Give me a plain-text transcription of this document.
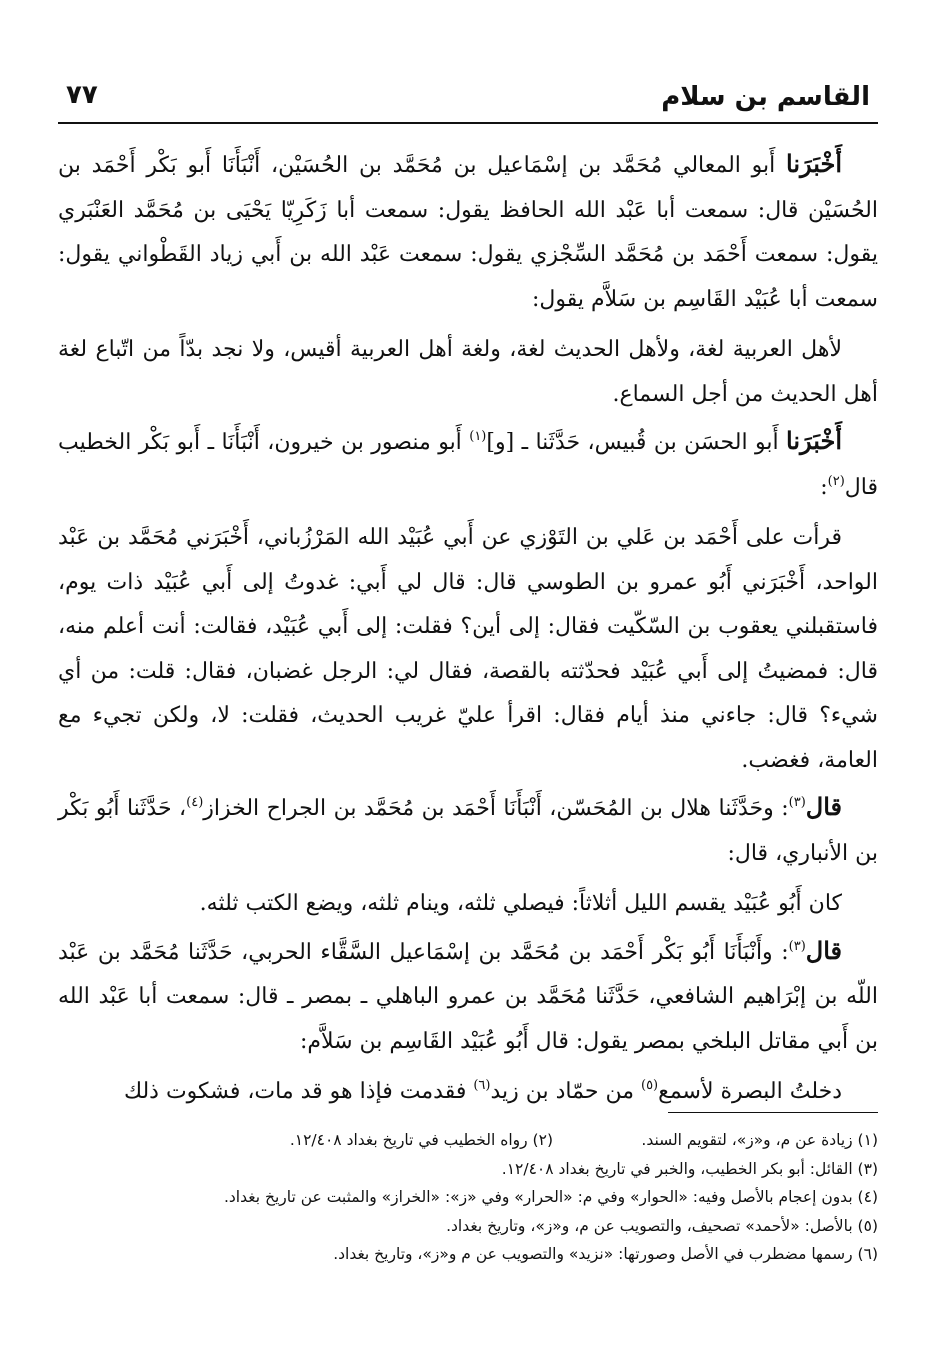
القاسم بن سلام
٧٧

أَخْبَرَنا أَبو المعالي مُحَمَّد بن إسْمَاعيل بن مُحَمَّد بن الحُسَيْن، أَنْبَأَنَا أَبو بَكْر أَحْمَد بن الحُسَيْن قال: سمعت أبا عَبْد الله الحافظ يقول: سمعت أبا زَكَرِيّا يَحْيَى بن مُحَمَّد العَنْبَري يقول: سمعت أَحْمَد بن مُحَمَّد السِّجْزي يقول: سمعت عَبْد الله بن أَبي زياد القَطْواني يقول: سمعت أبا عُبَيْد القَاسِم بن سَلاَّم يقول:

لأهل العربية لغة، ولأهل الحديث لغة، ولغة أهل العربية أقيس، ولا نجد بدّاً من اتّباع لغة أهل الحديث من أجل السماع.

أَخْبَرَنا أَبو الحسَن بن قُبيس، حَدَّثَنا ـ [و]$^{(١)}$ أَبو منصور بن خيرون، أَنْبَأَنَا ـ أَبو بَكْر الخطيب قال$^{(٢)}$:

قرأت على أَحْمَد بن عَلي بن التَوْزي عن أَبي عُبَيْد الله المَرْزُباني، أَخْبَرَني مُحَمَّد بن عَبْد الواحد، أَخْبَرَني أَبُو عمرو بن الطوسي قال: قال لي أَبي: غدوتُ إلى أَبي عُبَيْد ذات يوم، فاستقبلني يعقوب بن السّكّيت فقال: إلى أين؟ فقلت: إلى أَبي عُبَيْد، فقالت: أنت أعلم منه، قال: فمضيتُ إلى أَبي عُبَيْد فحدّثته بالقصة، فقال لي: الرجل غضبان، فقال: قلت: من أي شيء؟ قال: جاءني منذ أيام فقال: اقرأ عليّ غريب الحديث، فقلت: لا، ولكن تجيء مع العامة، فغضب.

قال$^{(٣)}$: وحَدَّثَنا هلال بن المُحَسّن، أَنْبَأَنَا أَحْمَد بن مُحَمَّد بن الجراح الخزاز$^{(٤)}$، حَدَّثَنا أَبُو بَكْر بن الأنباري، قال:

كان أَبُو عُبَيْد يقسم الليل أثلاثاً: فيصلي ثلثه، وينام ثلثه، ويضع الكتب ثلثه.

قال$^{(٣)}$: وأَنْبَأَنَا أَبُو بَكْر أَحْمَد بن مُحَمَّد بن إسْمَاعيل السَّقَّاء الحربي، حَدَّثَنا مُحَمَّد بن عَبْد اللّه بن إبْرَاهيم الشافعي، حَدَّثَنا مُحَمَّد بن عمرو الباهلي ـ بمصر ـ قال: سمعت أبا عَبْد الله بن أَبي مقاتل البلخي بمصر يقول: قال أَبُو عُبَيْد القَاسِم بن سَلاَّم:

دخلتُ البصرة لأسمع$^{(٥)}$ من حمّاد بن زيد$^{(٦)}$ فقدمت فإذا هو قد مات، فشكوت ذلك

(١) زيادة عن م، و«ز»، لتقويم السند.
(٢) رواه الخطيب في تاريخ بغداد ١٢/٤٠٨.
(٣) القائل: أبو بكر الخطيب، والخبر في تاريخ بغداد ١٢/٤٠٨.
(٤) بدون إعجام بالأصل وفيه: «الحوار» وفي م: «الحرار» وفي «ز»: «الخراز» والمثبت عن تاريخ بغداد.
(٥) بالأصل: «لأحمد» تصحيف، والتصويب عن م، و«ز»، وتاريخ بغداد.
(٦) رسمها مضطرب في الأصل وصورتها: «نزيد» والتصويب عن م و«ز»، وتاريخ بغداد.
